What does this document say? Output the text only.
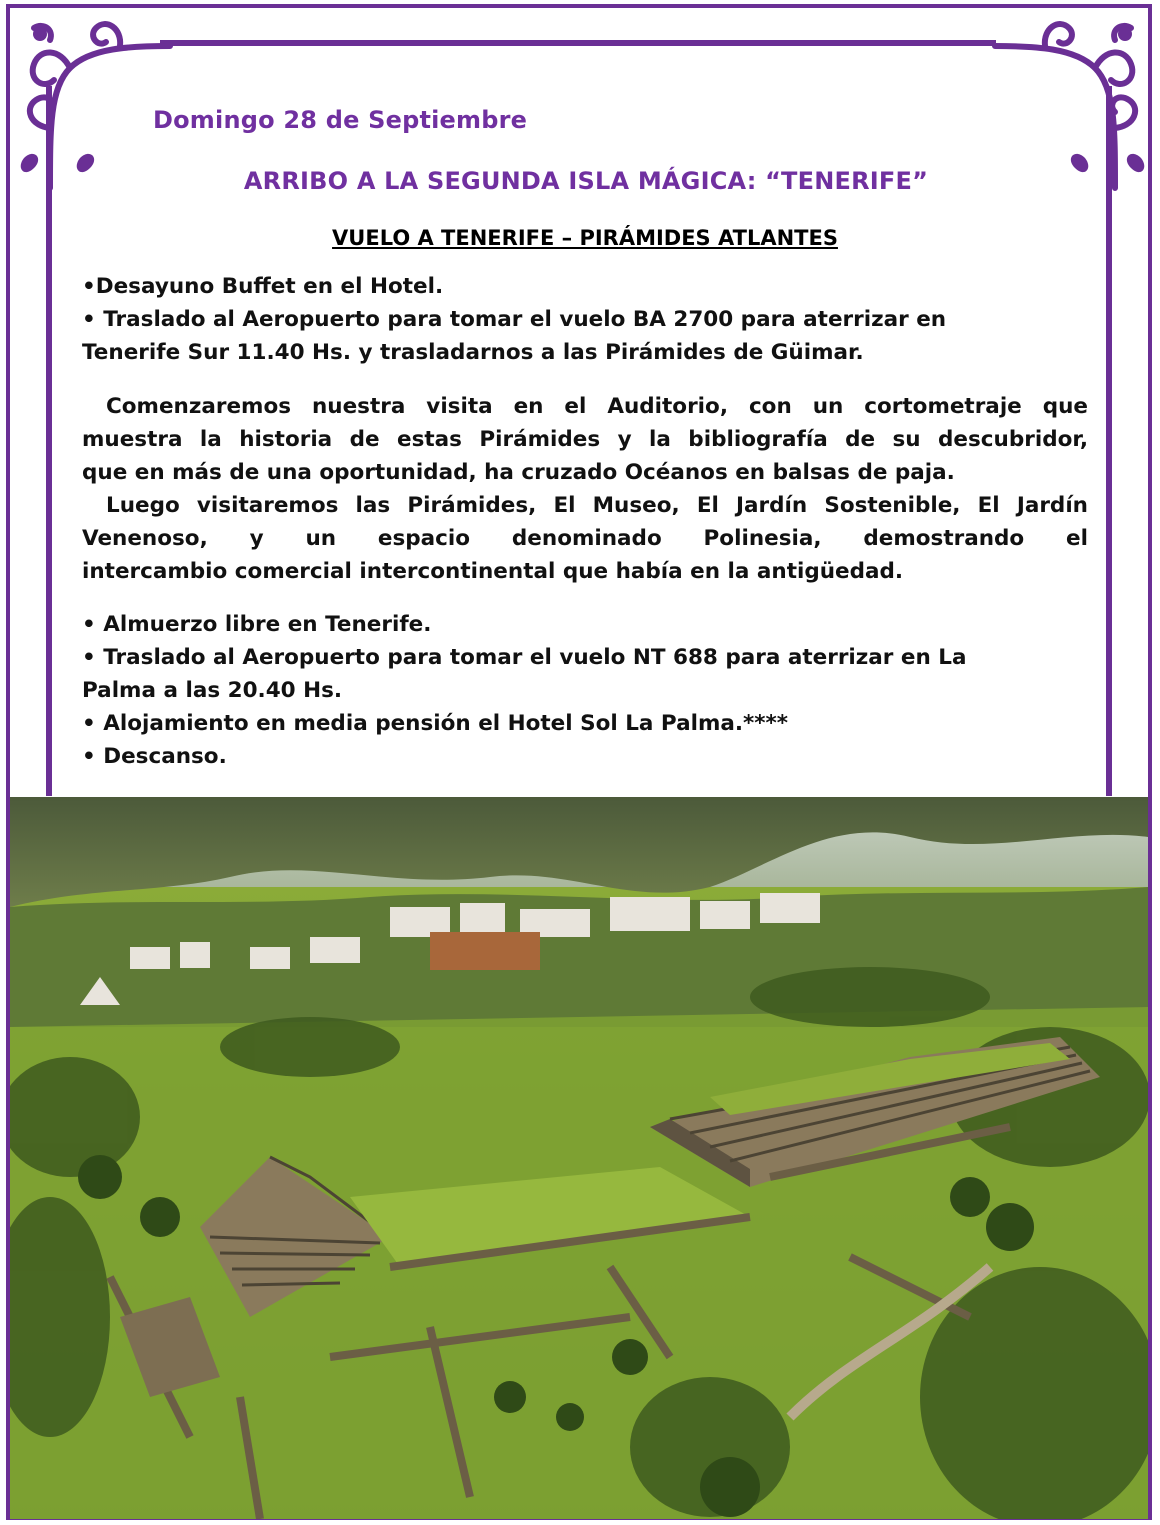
Domingo 28 de Septiembre
ARRIBO A LA SEGUNDA ISLA MÁGICA: “TENERIFE”
VUELO A TENERIFE – PIRÁMIDES ATLANTES
•Desayuno Buffet en el Hotel.
• Traslado al Aeropuerto para tomar el vuelo BA 2700 para aterrizar en
Tenerife Sur 11.40 Hs. y trasladarnos a las Pirámides de Güimar.
Comenzaremos nuestra visita en el Auditorio, con un cortometraje que
muestra la historia de estas Pirámides y la bibliografía de su descubridor,
que en más de una oportunidad, ha cruzado Océanos en balsas de paja.
Luego visitaremos las Pirámides, El Museo, El Jardín Sostenible, El Jardín
Venenoso, y un espacio denominado Polinesia, demostrando el
intercambio comercial intercontinental que había en la antigüedad.
• Almuerzo libre en Tenerife.
• Traslado al Aeropuerto para tomar el vuelo NT 688 para aterrizar en La
Palma a las 20.40 Hs.
• Alojamiento en media pensión el Hotel Sol La Palma.****
• Descanso.
